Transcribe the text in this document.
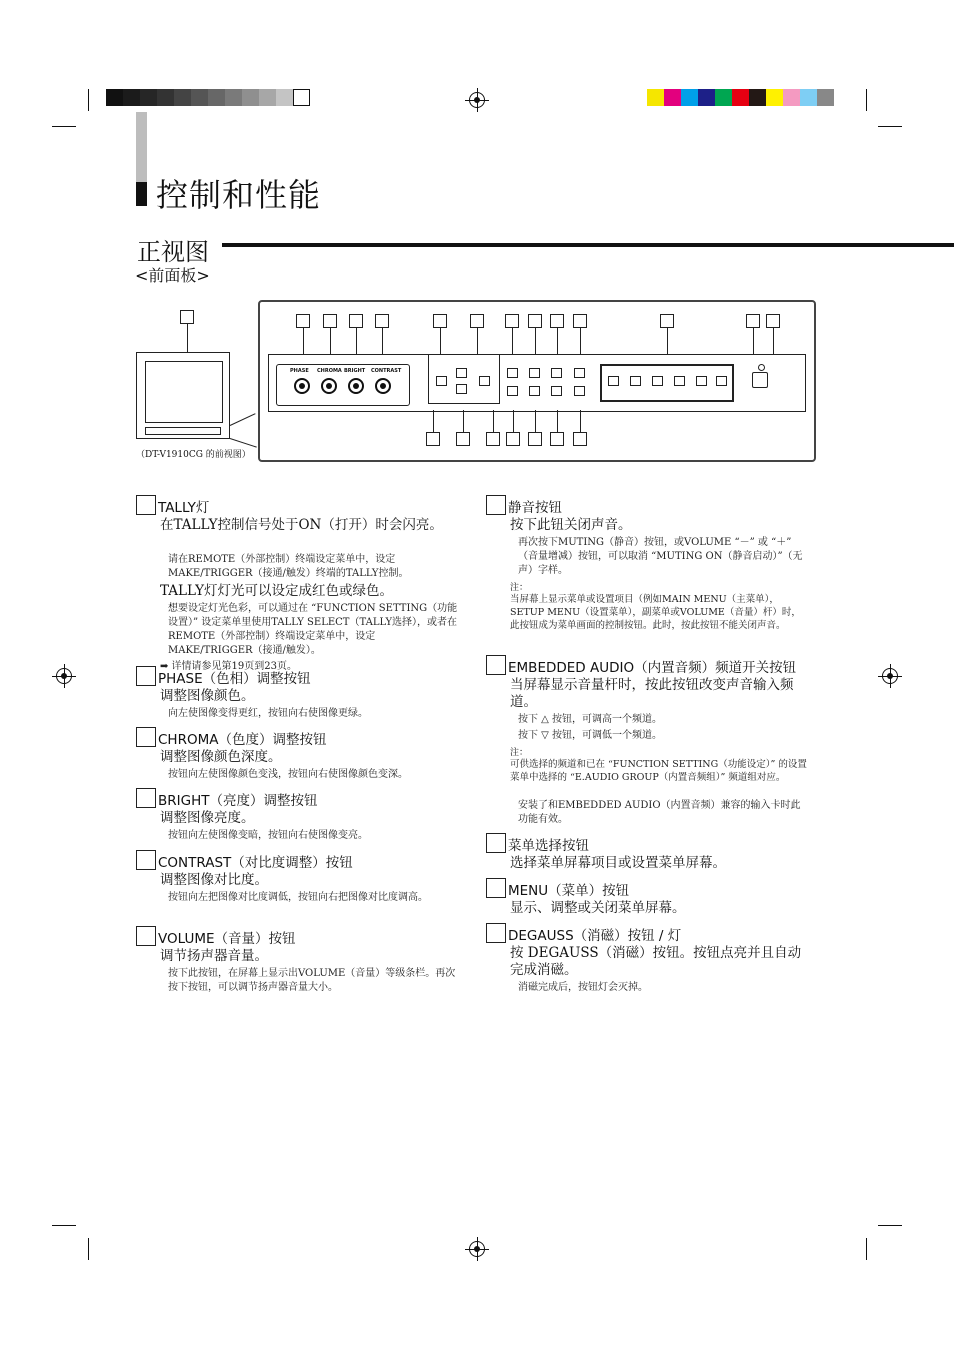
控制和性能
正视图
<前面板>
（DT-V1910CG 的前视图）
PHASE CHROMA BRIGHT CONTRAST
TALLY灯
在TALLY控制信号处于ON（打开）时会闪亮。
请在REMOTE（外部控制）终端设定菜单中，设定MAKE/TRIGGER（接通/触发）终端的TALLY控制。
TALLY灯灯光可以设定成红色或绿色。
想要设定灯光色彩，可以通过在 “FUNCTION SETTING（功能设置）” 设定菜单里使用TALLY SELECT（TALLY选择），或者在REMOTE（外部控制）终端设定菜单中，设定MAKE/TRIGGER（接通/触发）。
➡ 详情请参见第19页到23页。
PHASE（色相）调整按钮
调整图像颜色。
向左使图像变得更红，按钮向右使图像更绿。
CHROMA（色度）调整按钮
调整图像颜色深度。
按钮向左使图像颜色变浅，按钮向右使图像颜色变深。
BRIGHT（亮度）调整按钮
调整图像亮度。
按钮向左使图像变暗，按钮向右使图像变亮。
CONTRAST（对比度调整）按钮
调整图像对比度。
按钮向左把图像对比度调低，按钮向右把图像对比度调高。
VOLUME（音量）按钮
调节扬声器音量。
按下此按钮，在屏幕上显示出VOLUME（音量）等级条栏。再次按下按钮，可以调节扬声器音量大小。
静音按钮
按下此钮关闭声音。
再次按下MUTING（静音）按钮，或VOLUME “－” 或 “＋” （音量增减）按钮，可以取消 “MUTING ON（静音启动）”（无声）字样。
注：
当屏幕上显示菜单或设置项目（例如MAIN MENU（主菜单），SETUP MENU（设置菜单），副菜单或VOLUME（音量）杆）时，此按钮成为菜单画面的控制按钮。此时，按此按钮不能关闭声音。
EMBEDDED AUDIO（内置音频）频道开关按钮
当屏幕显示音量杆时，按此按钮改变声音输入频道。
按下 △ 按钮，可调高一个频道。
按下 ▽ 按钮，可调低一个频道。
注：
可供选择的频道和已在 “FUNCTION SETTING（功能设定）” 的设置菜单中选择的 “E.AUDIO GROUP（内置音频组）” 频道组对应。
安装了和EMBEDDED AUDIO（内置音频）兼容的输入卡时此功能有效。
菜单选择按钮
选择菜单屏幕项目或设置菜单屏幕。
MENU（菜单）按钮
显示、调整或关闭菜单屏幕。
DEGAUSS（消磁）按钮 / 灯
按 DEGAUSS（消磁）按钮。按钮点亮并且自动完成消磁。
消磁完成后，按钮灯会灭掉。
